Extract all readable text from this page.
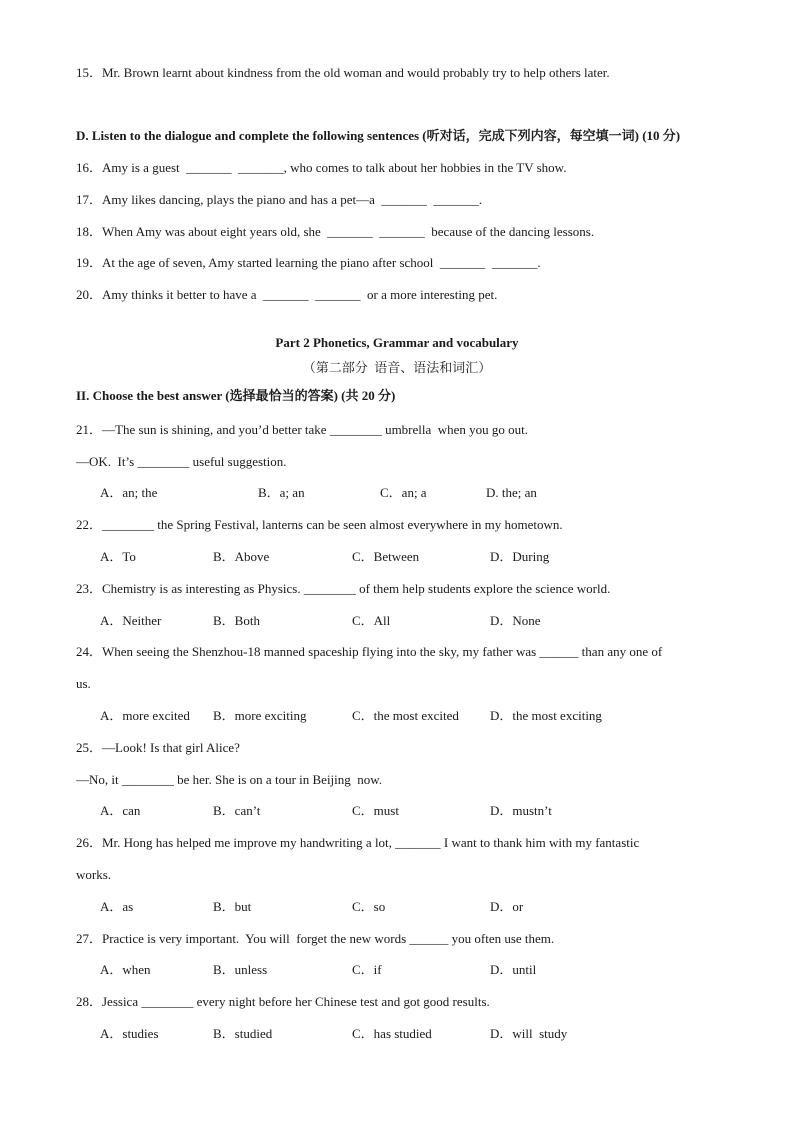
15．Mr. Brown learnt about kindness from the old woman and would probably try to help others later.
D. Listen to the dialogue and complete the following sentences (听对话，完成下列内容，每空填一词) (10 分)
16．Amy is a guest  _______  _______, who comes to talk about her hobbies in the TV show.
17．Amy likes dancing, plays the piano and has a pet—a  _______  _______.
18．When Amy was about eight years old, she  _______  _______  because of the dancing lessons.
19．At the age of seven, Amy started learning the piano after school  _______  _______.
20．Amy thinks it better to have a  _______  _______  or a more interesting pet.
Part 2 Phonetics, Grammar and vocabulary
（第二部分  语音、语法和词汇）
II. Choose the best answer (选择最恰当的答案) (共 20 分)
21．—The sun is shining, and you’d better take ________ umbrella  when you go out.
—OK.  It’s ________ useful suggestion.
A．an; the	B．a; an	C．an; a	D. the; an
22．________ the Spring Festival, lanterns can be seen almost everywhere in my hometown.
A．To	B．Above	C．Between	D．During
23．Chemistry is as interesting as Physics. ________ of them help students explore the science world.
A．Neither	B．Both	C．All	D．None
24．When seeing the Shenzhou-18 manned spaceship flying into the sky, my father was ______ than any one of
us.
A．more excited B．more exciting	C．the most excited D．the most exciting
25．—Look! Is that girl Alice?
—No, it ________ be her. She is on a tour in Beijing  now.
A．can	B．can’t	C．must	D．mustn’t
26．Mr. Hong has helped me improve my handwriting a lot, _______ I want to thank him with my fantastic
works.
A．as	B．but	C．so	D．or
27．Practice is very important.  You will  forget the new words ______ you often use them.
A．when	B．unless	C．if	D．until
28．Jessica ________ every night before her Chinese test and got good results.
A．studies	B．studied	C．has studied	D．will  study
